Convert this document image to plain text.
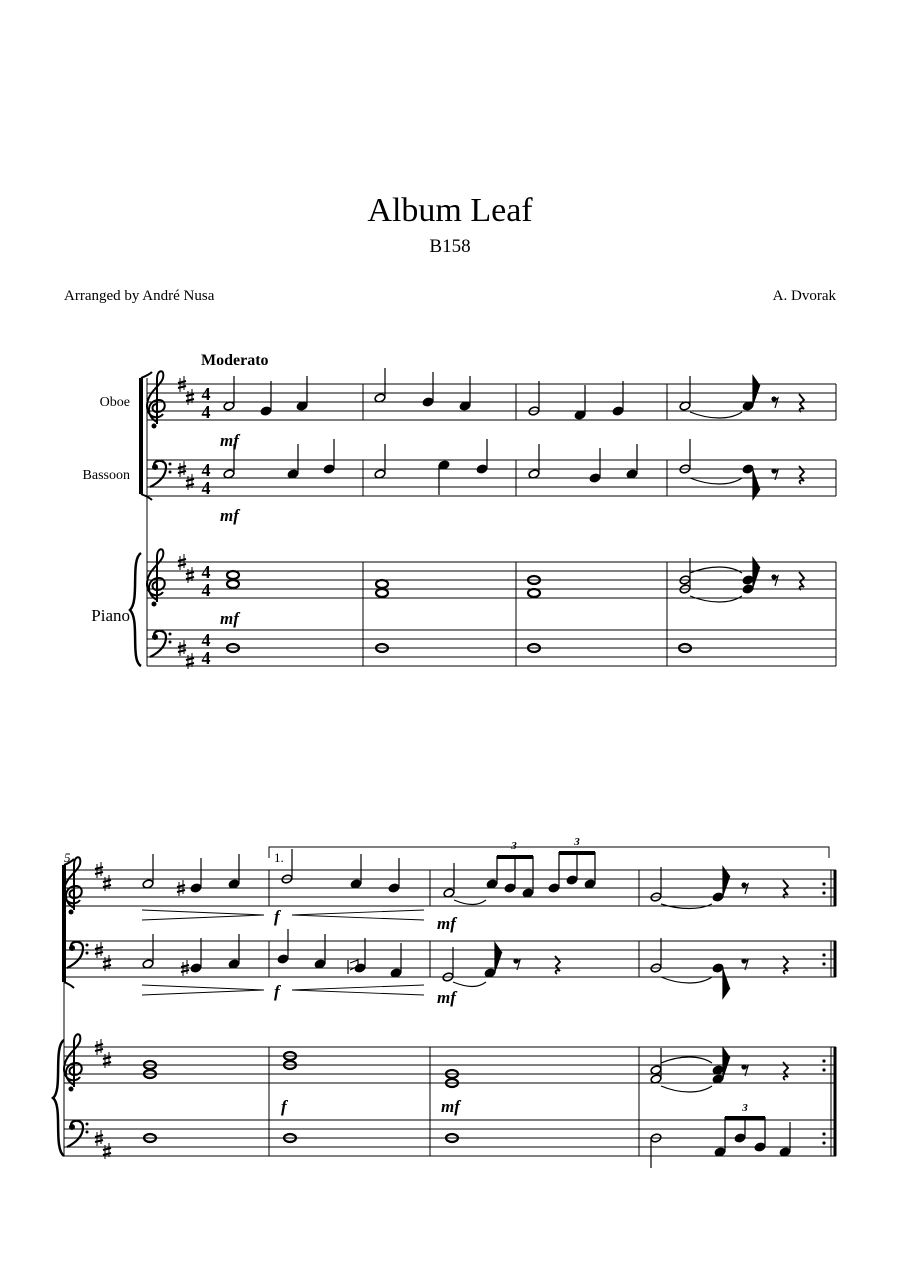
Album Leaf
B158
Arranged by André Nusa	A. Dvorak
Moderato
Oboe
Bassoon
Piano
4
4
4
4
4
4
4
4
mf
mf
mf
5	1.
3	3
f	mf
f	mf
f	mf	3
